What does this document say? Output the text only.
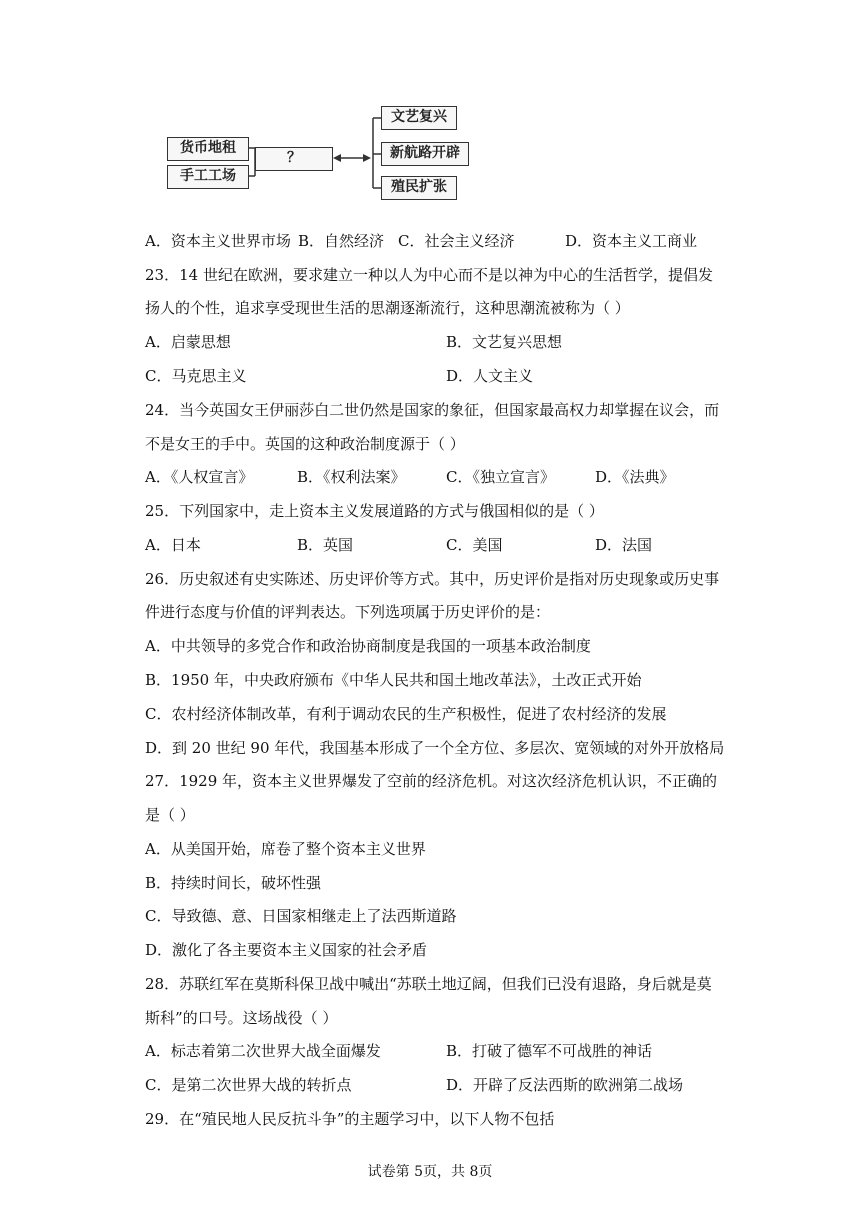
货币地租
手工工场
？
文艺复兴
新航路开辟
殖民扩张
A．资本主义世界市场 B．自然经济 C．社会主义经济	D．资本主义工商业
23．14 世纪在欧洲，要求建立一种以人为中心而不是以神为中心的生活哲学，提倡发
扬人的个性，追求享受现世生活的思潮逐渐流行，这种思潮流被称为（ ）
A．启蒙思想	B．文艺复兴思想
C．马克思主义	D．人文主义
24．当今英国女王伊丽莎白二世仍然是国家的象征，但国家最高权力却掌握在议会，而
不是女王的手中。英国的这种政治制度源于（ ）
A．《人权宣言》	B．《权利法案》	C．《独立宣言》	D．《法典》
25．下列国家中，走上资本主义发展道路的方式与俄国相似的是（ ）
A．日本	B．英国	C．美国	D．法国
26．历史叙述有史实陈述、历史评价等方式。其中，历史评价是指对历史现象或历史事
件进行态度与价值的评判表达。下列选项属于历史评价的是：
A．中共领导的多党合作和政治协商制度是我国的一项基本政治制度
B．1950 年，中央政府颁布《中华人民共和国土地改革法》，土改正式开始
C．农村经济体制改革，有利于调动农民的生产积极性，促进了农村经济的发展
D．到 20 世纪 90 年代，我国基本形成了一个全方位、多层次、宽领域的对外开放格局
27．1929 年，资本主义世界爆发了空前的经济危机。对这次经济危机认识，不正确的
是（ ）
A．从美国开始，席卷了整个资本主义世界
B．持续时间长，破坏性强
C．导致德、意、日国家相继走上了法西斯道路
D．激化了各主要资本主义国家的社会矛盾
28．苏联红军在莫斯科保卫战中喊出“苏联土地辽阔，但我们已没有退路，身后就是莫
斯科”的口号。这场战役（ ）
A．标志着第二次世界大战全面爆发	B．打破了德军不可战胜的神话
C．是第二次世界大战的转折点	D．开辟了反法西斯的欧洲第二战场
29．在“殖民地人民反抗斗争”的主题学习中，以下人物不包括
试卷第 5页，共 8页
